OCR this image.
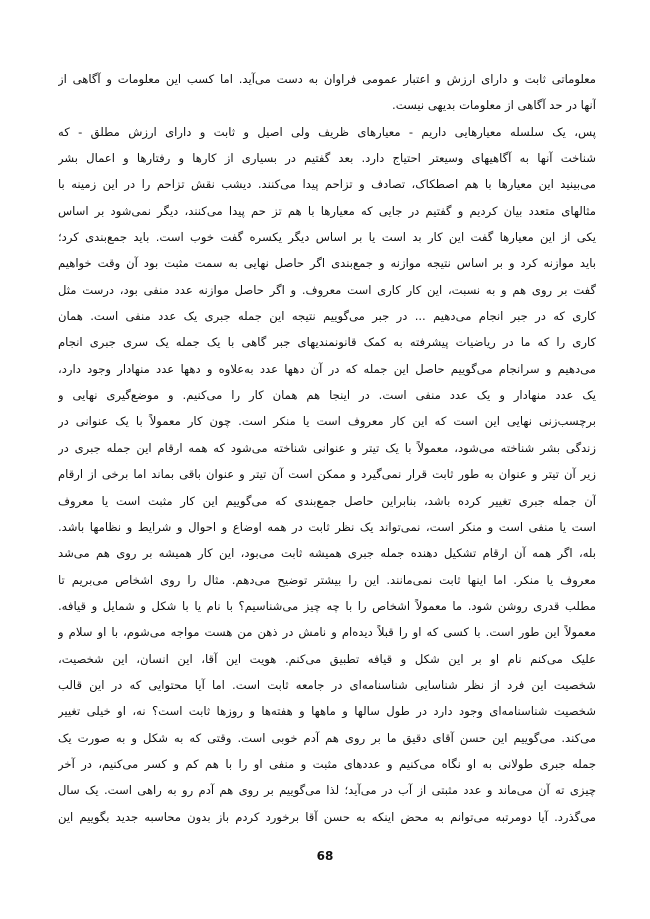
معلوماتی ثابت و دارای ارزش و اعتبار عمومی فراوان به دست می‌آید. اما کسب این معلومات و آگاهی از
آنها در حد آگاهی از معلومات بدیهی نیست.
پس، یک سلسله معیارهایی داریم - معیارهای ظریف ولی اصیل و ثابت و دارای ارزش مطلق - که
شناخت آنها به آگاهیهای وسیعتر احتیاج دارد. بعد گفتیم در بسیاری از کارها و رفتارها و اعمال بشر
می‌بینید این معیارها با هم اصطکاک، تصادف و تزاحم پیدا می‌کنند. دیشب نقش تزاحم را در این زمینه با
مثالهای متعدد بیان کردیم و گفتیم در جایی که معیارها با هم تز حم پیدا می‌کنند، دیگر نمی‌شود بر اساس
یکی از این معیارها گفت این کار بد است یا بر اساس دیگر یکسره گفت خوب است. باید جمع‌بندی کرد؛
باید موازنه کرد و بر اساس نتیجه موازنه و جمع‌بندی اگر حاصل نهایی به سمت مثبت بود آن وقت خواهیم
گفت بر روی هم و به نسبت، این کار کاری است معروف. و اگر حاصل موازنه عدد منفی بود، درست مثل
کاری که در جبر انجام می‌دهیم ... در جبر می‌گوییم نتیجه این جمله جبری یک عدد منفی است. همان
کاری را که ما در ریاضیات پیشرفته به کمک قانونمندیهای جبر گاهی با یک جمله یک سری جبری انجام
می‌دهیم و سرانجام می‌گوییم حاصل این جمله که در آن دهها عدد به‌علاوه و دهها عدد منهادار وجود دارد،
یک عدد منهادار و یک عدد منفی است. در اینجا هم همان کار را می‌کنیم. و موضع‌گیری نهایی و
برچسب‌زنی نهایی این است که این کار معروف است یا منکر است. چون کار معمولاً با یک عنوانی در
زندگی بشر شناخته می‌شود، معمولاً با یک تیتر و عنوانی شناخته می‌شود که همه ارقام این جمله جبری در
زیر آن تیتر و عنوان به طور ثابت قرار نمی‌گیرد و ممکن است آن تیتر و عنوان باقی بماند اما برخی از ارقام
آن جمله جبری تغییر کرده باشد، بنابراین حاصل جمع‌بندی که می‌گوییم این کار مثبت است یا معروف
است یا منفی است و منکر است، نمی‌تواند یک نظر ثابت در همه اوضاع و احوال و شرایط و نظامها باشد.
بله، اگر همه آن ارقام تشکیل دهنده جمله جبری همیشه ثابت می‌بود، این کار همیشه بر روی هم می‌شد
معروف یا منکر. اما اینها ثابت نمی‌مانند. این را بیشتر توضیح می‌دهم. مثال را روی اشخاص می‌بریم تا
مطلب قدری روشن شود. ما معمولاً اشخاص را با چه چیز می‌شناسیم؟ با نام یا با شکل و شمایل و قیافه.
معمولاً این طور است. با کسی که او را قبلاً دیده‌ام و نامش در ذهن من هست مواجه می‌شوم، با او سلام و
علیک می‌کنم نام او بر این شکل و قیافه تطبیق می‌کنم. هویت این آقا، این انسان، این شخصیت،
شخصیت این فرد از نظر شناسایی شناسنامه‌ای در جامعه ثابت است. اما آیا محتوایی که در این قالب
شخصیت شناسنامه‌ای وجود دارد در طول سالها و ماهها و هفته‌ها و روزها ثابت است؟ نه، او خیلی تغییر
می‌کند. می‌گوییم این حسن آقای دقیق ما بر روی هم آدم خوبی است. وقتی که به شکل و به صورت یک
جمله جبری طولانی به او نگاه می‌کنیم و عددهای مثبت و منفی او را با هم کم و کسر می‌کنیم، در آخر
چیزی ته آن می‌ماند و عدد مثبتی از آب در می‌آید؛ لذا می‌گوییم بر روی هم آدم رو به راهی است. یک سال
می‌گذرد. آیا دومرتبه می‌توانم به محض اینکه به حسن آقا برخورد کردم باز بدون محاسبه جدید بگوییم این
68
